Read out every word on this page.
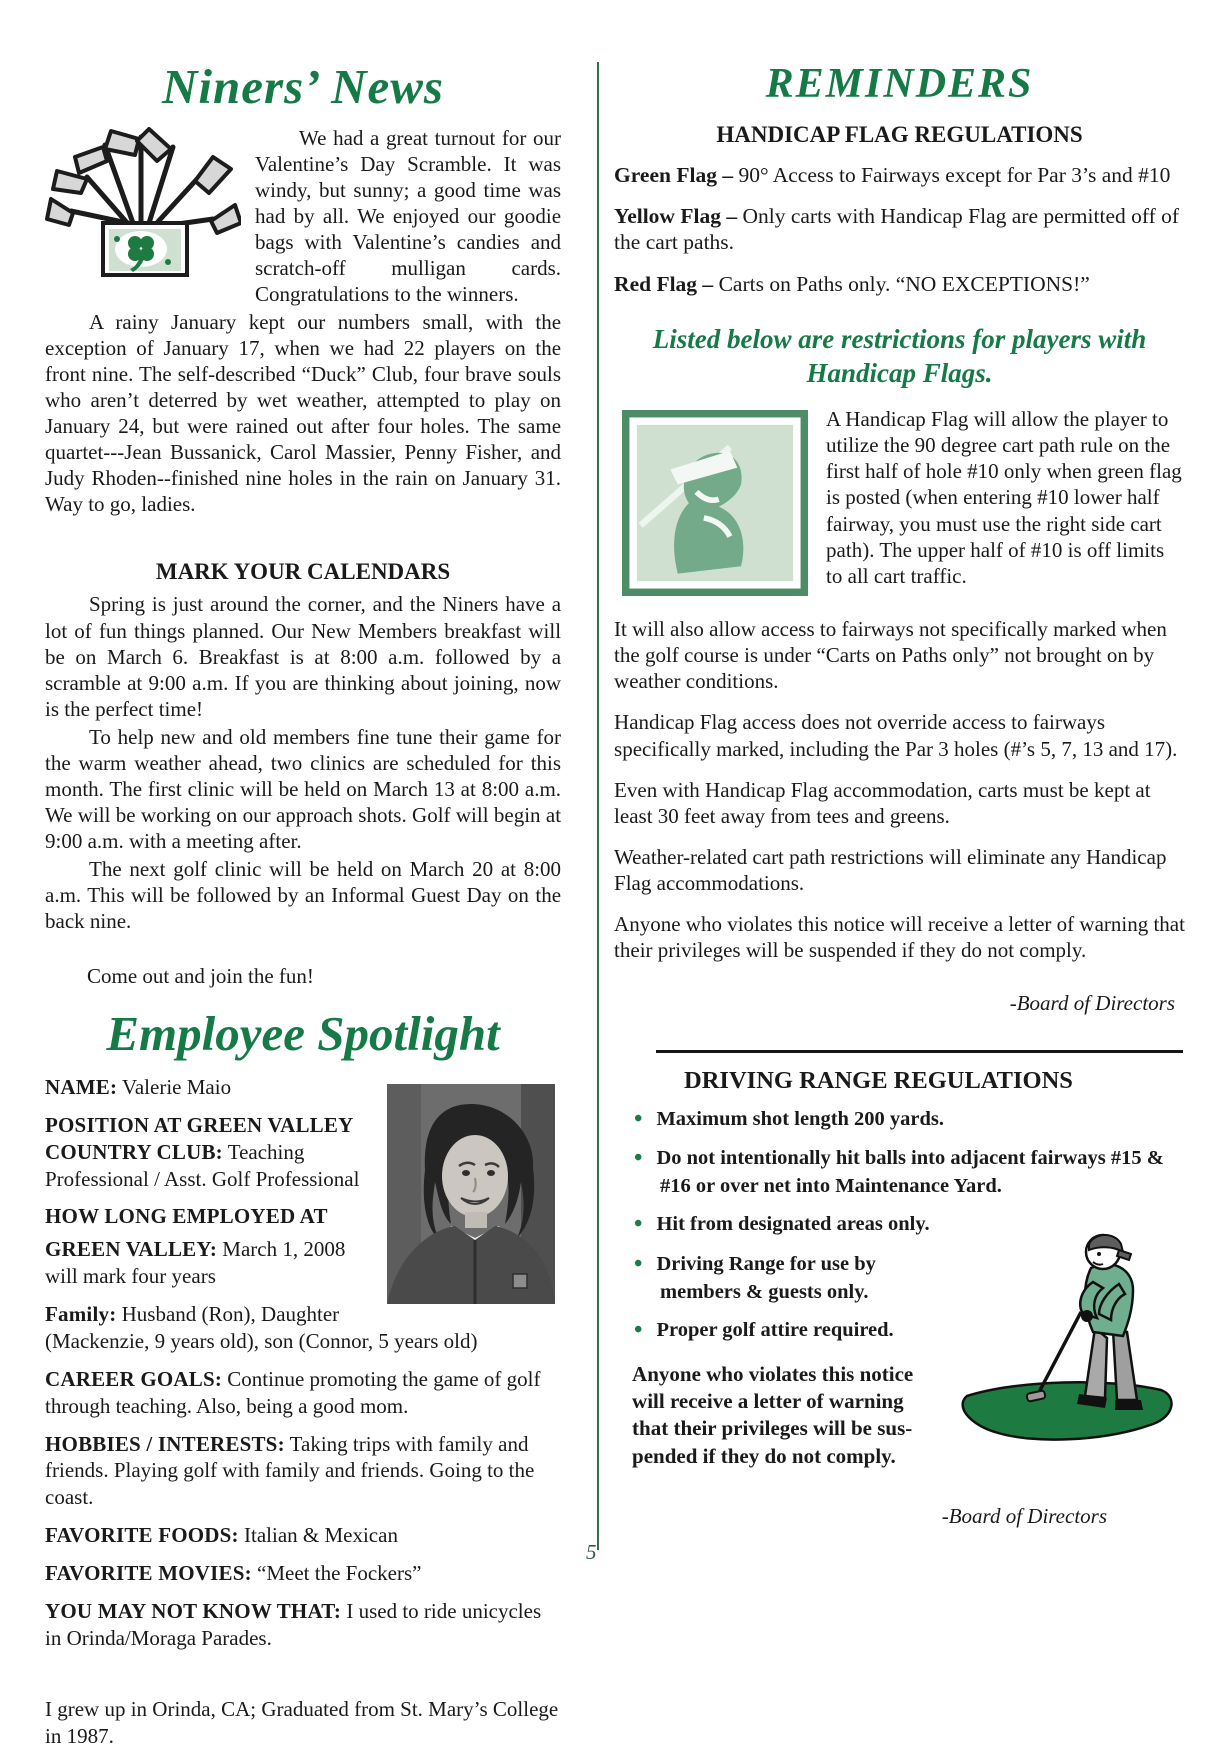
Niners’ News

We had a great turnout for our Valentine’s Day Scramble. It was windy, but sunny; a good time was had by all. We enjoyed our goodie bags with Valentine’s candies and scratch-off mulligan cards. Congratulations to the winners.

A rainy January kept our numbers small, with the exception of January 17, when we had 22 players on the front nine. The self-described “Duck” Club, four brave souls who aren’t deterred by wet weather, attempted to play on January 24, but were rained out after four holes. The same quartet---Jean Bussanick, Carol Massier, Penny Fisher, and Judy Rhoden--finished nine holes in the rain on January 31. Way to go, ladies.

MARK YOUR CALENDARS

Spring is just around the corner, and the Niners have a lot of fun things planned. Our New Members breakfast will be on March 6. Breakfast is at 8:00 a.m. followed by a scramble at 9:00 a.m. If you are thinking about joining, now is the perfect time!

To help new and old members fine tune their game for the warm weather ahead, two clinics are scheduled for this month. The first clinic will be held on March 13 at 8:00 a.m. We will be working on our approach shots. Golf will begin at 9:00 a.m. with a meeting after.

The next golf clinic will be held on March 20 at 8:00 a.m. This will be followed by an Informal Guest Day on the back nine.

Come out and join the fun!

Employee Spotlight

NAME: Valerie Maio

POSITION AT GREEN VALLEY COUNTRY CLUB: Teaching Professional / Asst. Golf Professional

HOW LONG EMPLOYED AT

GREEN VALLEY: March 1, 2008 will mark four years

Family: Husband (Ron), Daughter (Mackenzie, 9 years old), son (Connor, 5 years old)

CAREER GOALS: Continue promoting the game of golf through teaching. Also, being a good mom.

HOBBIES / INTERESTS: Taking trips with family and friends. Playing golf with family and friends. Going to the coast.

FAVORITE FOODS: Italian & Mexican

FAVORITE MOVIES: “Meet the Fockers”

YOU MAY NOT KNOW THAT: I used to ride unicycles in Orinda/Moraga Parades.

I grew up in Orinda, CA; Graduated from St. Mary’s College in 1987.

REMINDERS
HANDICAP FLAG REGULATIONS

Green Flag – 90° Access to Fairways except for Par 3’s and #10

Yellow Flag – Only carts with Handicap Flag are permitted off of the cart paths.

Red Flag – Carts on Paths only. “NO EXCEPTIONS!”

Listed below are restrictions for players with Handicap Flags.

A Handicap Flag will allow the player to utilize the 90 degree cart path rule on the first half of hole #10 only when green flag is posted (when entering #10 lower half fairway, you must use the right side cart path). The upper half of #10 is off limits to all cart traffic.

It will also allow access to fairways not specifically marked when the golf course is under “Carts on Paths only” not brought on by weather conditions.

Handicap Flag access does not override access to fairways specifically marked, including the Par 3 holes (#’s 5, 7, 13 and 17).

Even with Handicap Flag accommodation, carts must be kept at least 30 feet away from tees and greens.

Weather-related cart path restrictions will eliminate any Handicap Flag accommodations.

Anyone who violates this notice will receive a letter of warning that their privileges will be suspended if they do not comply.

-Board of Directors

DRIVING RANGE REGULATIONS

• Maximum shot length 200 yards.

• Do not intentionally hit balls into adjacent fairways #15 & #16 or over net into Maintenance Yard.

• Hit from designated areas only.

• Driving Range for use by members & guests only.

• Proper golf attire required.

Anyone who violates this notice will receive a letter of warning that their privileges will be sus- pended if they do not comply.

-Board of Directors

5
